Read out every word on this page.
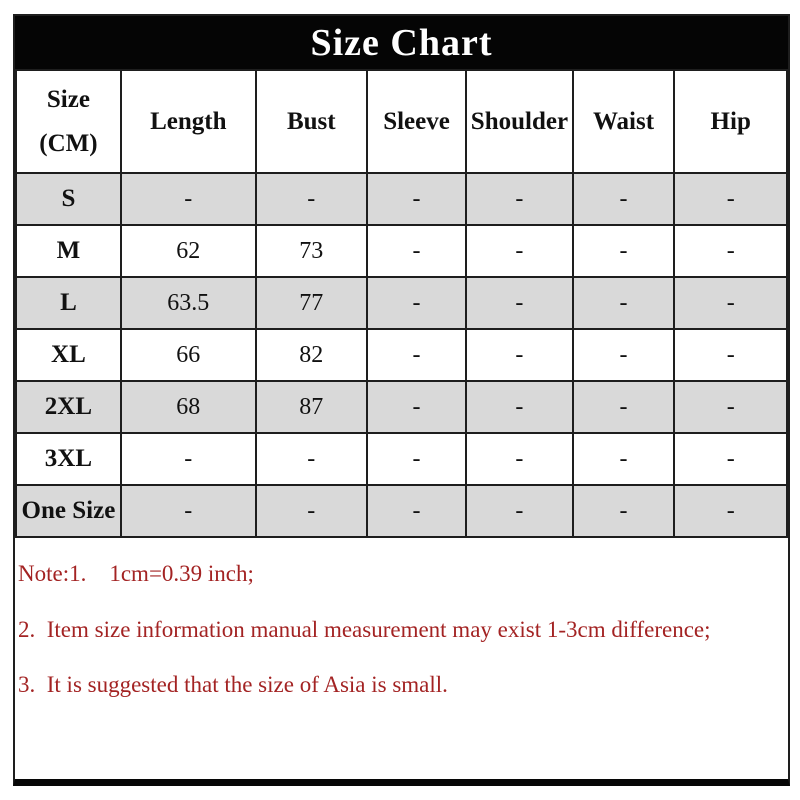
Size Chart
Size
(CM)	Length	Bust	Sleeve	Shoulder	Waist	Hip

S	-	-	-	-	-	-
M	62	73	-	-	-	-
L	63.5	77	-	-	-	-
XL	66	82	-	-	-	-
2XL	68	87	-	-	-	-
3XL	-	-	-	-	-	-
One Size	-	-	-	-	-	-

Note:1.    1cm=0.39 inch;

2.  Item size information manual measurement may exist 1-3cm difference;

3.  It is suggested that the size of Asia is small.
